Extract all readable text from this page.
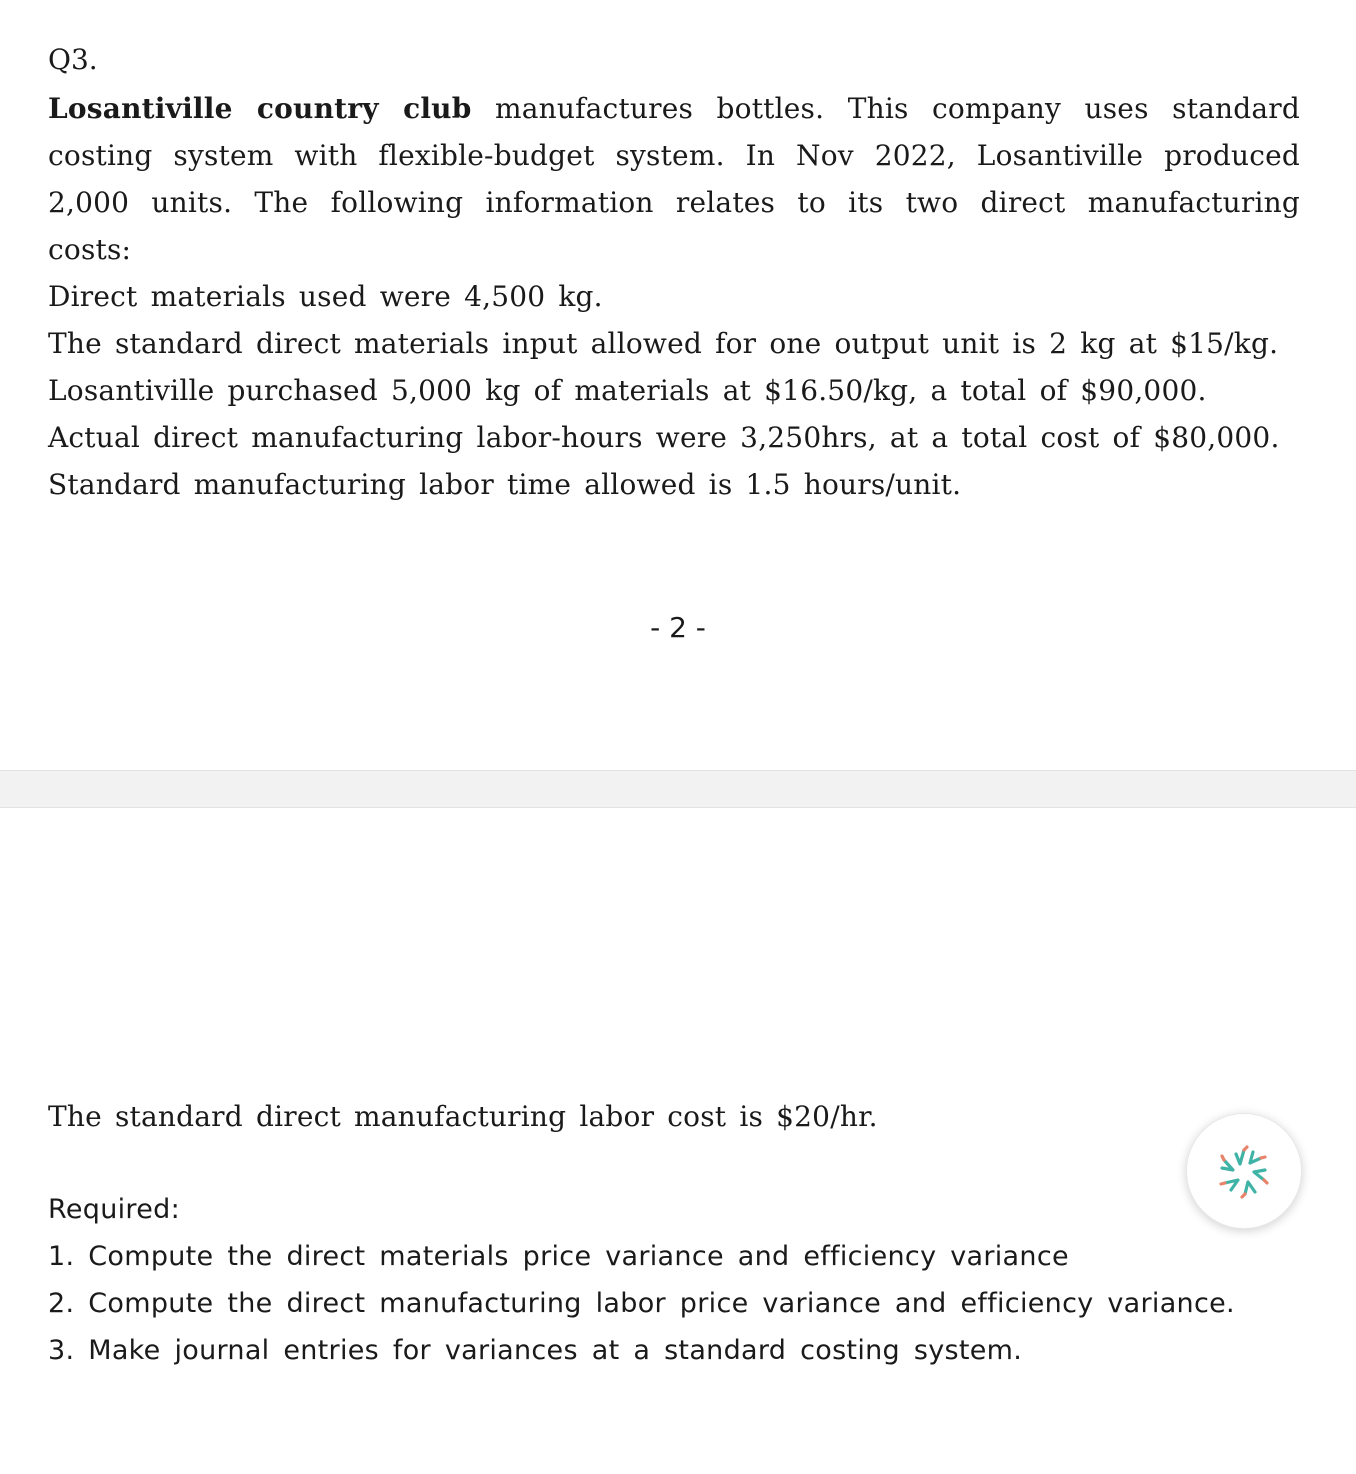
Q3.
Losantiville country club manufactures bottles. This company uses standard costing system with flexible-budget system. In Nov 2022, Losantiville produced 2,000 units. The following information relates to its two direct manufacturing costs:
Direct materials used were 4,500 kg.
The standard direct materials input allowed for one output unit is 2 kg at $15/kg.
Losantiville purchased 5,000 kg of materials at $16.50/kg, a total of $90,000.
Actual direct manufacturing labor-hours were 3,250hrs, at a total cost of $80,000.
Standard manufacturing labor time allowed is 1.5 hours/unit.
- 2 -
The standard direct manufacturing labor cost is $20/hr.
Required:
1. Compute the direct materials price variance and efficiency variance
2. Compute the direct manufacturing labor price variance and efficiency variance.
3. Make journal entries for variances at a standard costing system.
